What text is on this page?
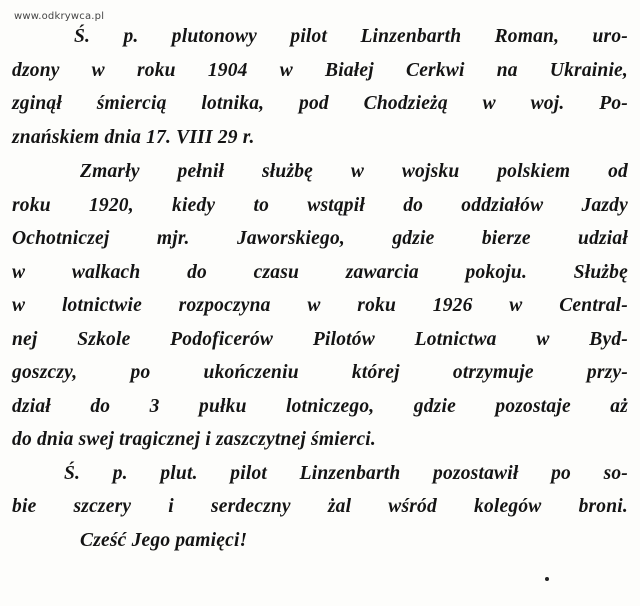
www.odkrywca.pl
Ś. p. plutonowy pilot Linzenbarth Roman, uro-
dzony w roku 1904 w Białej Cerkwi na Ukrainie,
zginął śmiercią lotnika, pod Chodzieżą w woj. Po-
znańskiem dnia 17. VIII 29 r.
Zmarły pełnił służbę w wojsku polskiem od
roku 1920, kiedy to wstąpił do oddziałów Jazdy
Ochotniczej mjr. Jaworskiego, gdzie bierze udział
w walkach do czasu zawarcia pokoju. Służbę
w lotnictwie rozpoczyna w roku 1926 w Central-
nej Szkole Podoficerów Pilotów Lotnictwa w Byd-
goszczy, po ukończeniu której otrzymuje przy-
dział do 3 pułku lotniczego, gdzie pozostaje aż
do dnia swej tragicznej i zaszczytnej śmierci.
Ś. p. plut. pilot Linzenbarth pozostawił po so-
bie szczery i serdeczny żal wśród kolegów broni.
Cześć Jego pamięci!
